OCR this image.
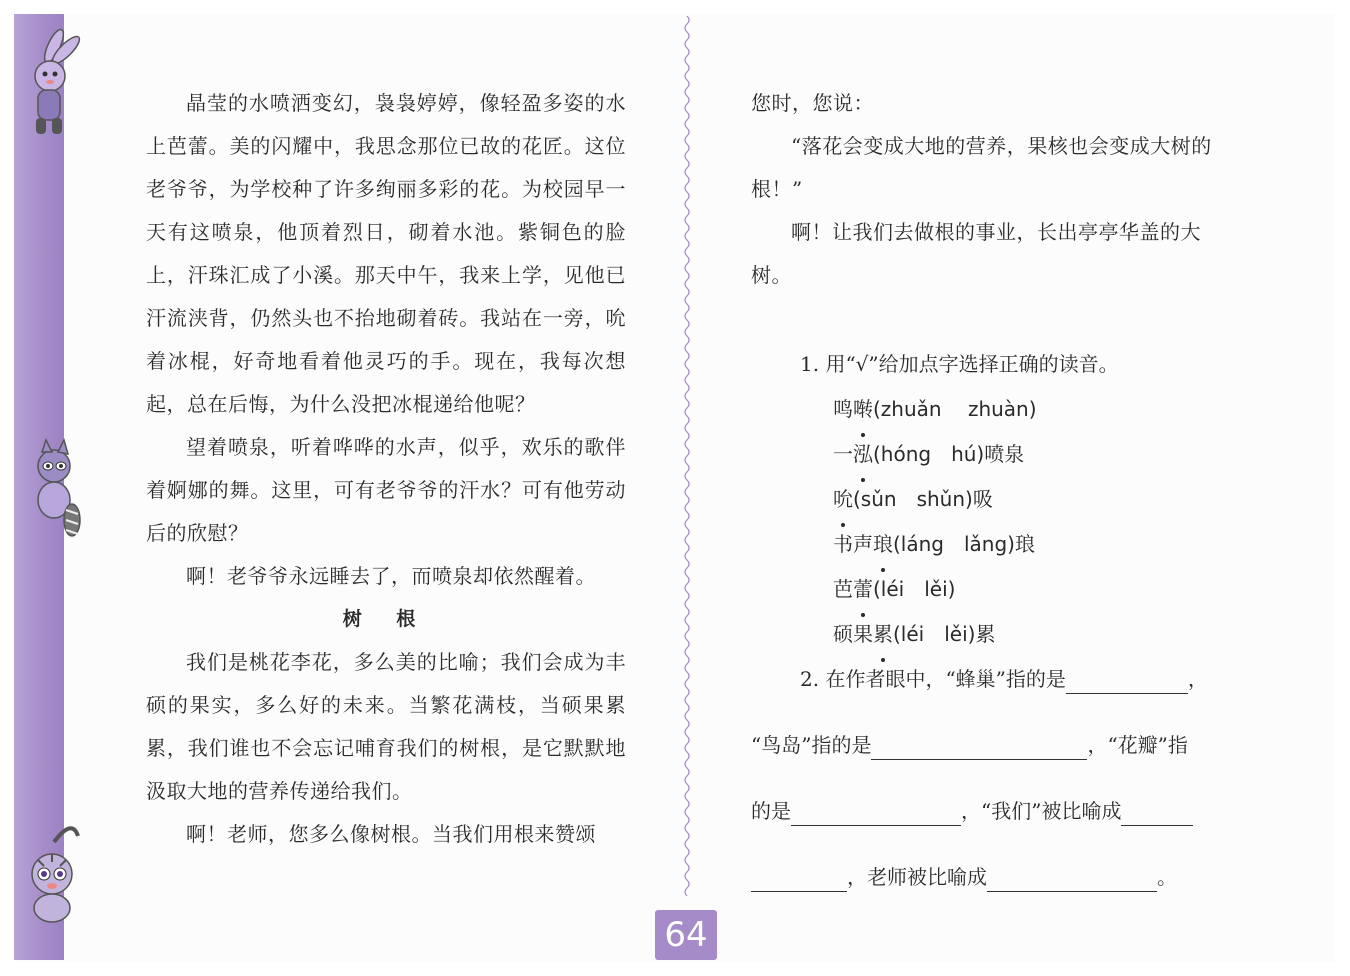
晶莹的水喷洒变幻，袅袅婷婷，像轻盈多姿的水上芭蕾。美的闪耀中，我思念那位已故的花匠。这位老爷爷，为学校种了许多绚丽多彩的花。为校园早一天有这喷泉，他顶着烈日，砌着水池。紫铜色的脸上，汗珠汇成了小溪。那天中午，我来上学，见他已汗流浃背，仍然头也不抬地砌着砖。我站在一旁，吮着冰棍，好奇地看着他灵巧的手。现在，我每次想起，总在后悔，为什么没把冰棍递给他呢？

望着喷泉，听着哗哗的水声，似乎，欢乐的歌伴着婀娜的舞。这里，可有老爷爷的汗水？可有他劳动后的欣慰？

啊！老爷爷永远睡去了，而喷泉却依然醒着。

树 根

我们是桃花李花，多么美的比喻；我们会成为丰硕的果实，多么好的未来。当繁花满枝，当硕果累累，我们谁也不会忘记哺育我们的树根，是它默默地汲取大地的营养传递给我们。

啊！老师，您多么像树根。当我们用根来赞颂

您时，您说：

“落花会变成大地的营养，果核也会变成大树的根！”

啊！让我们去做根的事业，长出亭亭华盖的大树。

1. 用“√”给加点字选择正确的读音。

鸣啭(zhuǎn　 zhuàn)

一泓(hóng　hú)喷泉

吮(sǔn　shǔn)吸

书声琅(láng　lǎng)琅

芭蕾(léi　lěi)

硕果累(léi　lěi)累

2. 在作者眼中，“蜂巢”指的是	，
“鸟岛”指的是	，“花瓣”指
的是	，“我们”被比喻成
，老师被比喻成	。
64
